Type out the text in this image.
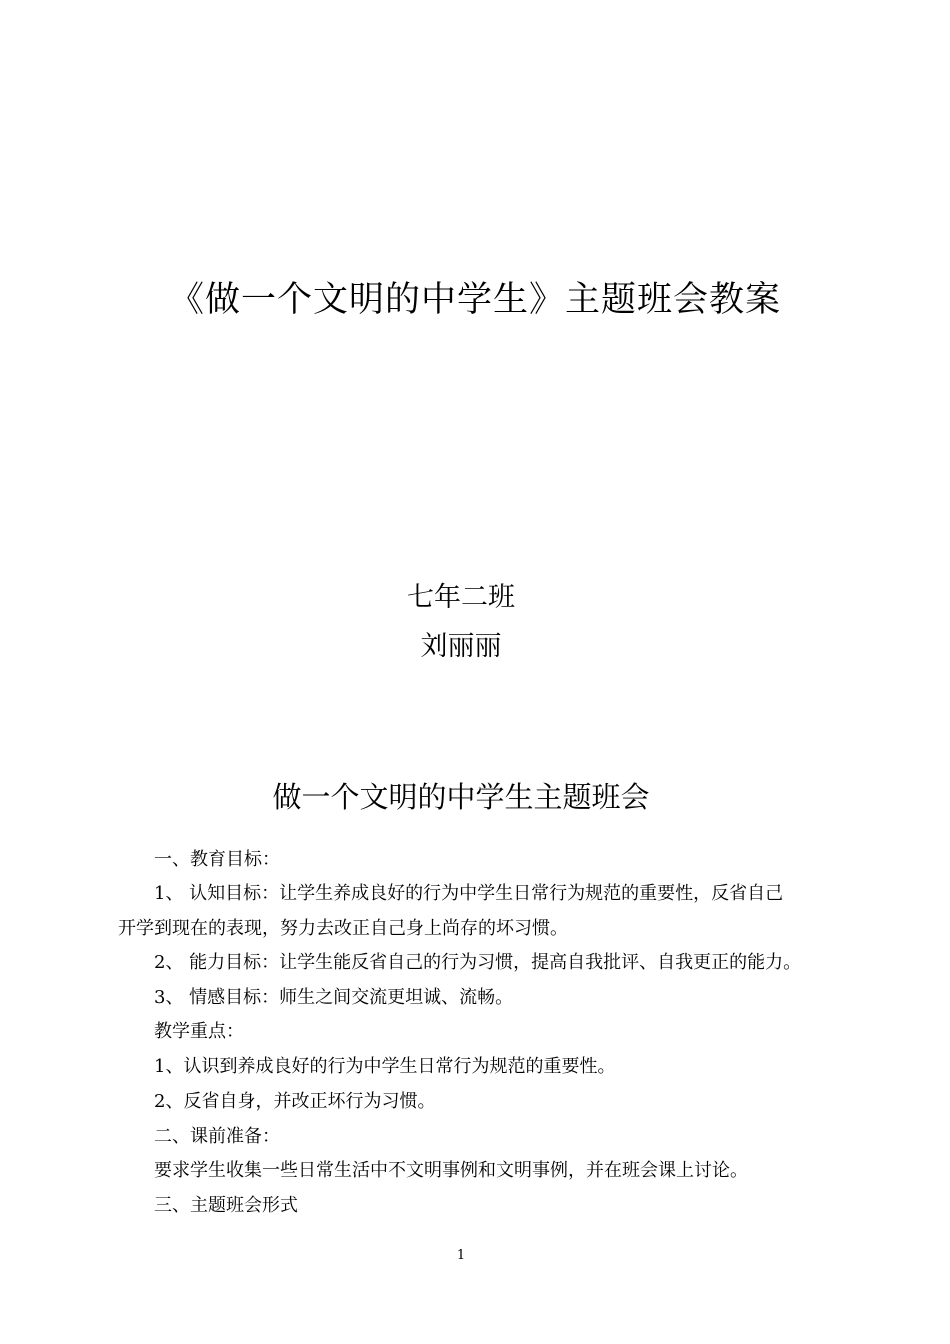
《做一个文明的中学生》主题班会教案
七年二班
刘丽丽
做一个文明的中学生主题班会
一、教育目标：
1、 认知目标：让学生养成良好的行为中学生日常行为规范的重要性，反省自己
开学到现在的表现，努力去改正自己身上尚存的坏习惯。
2、 能力目标：让学生能反省自己的行为习惯，提高自我批评、自我更正的能力。
3、 情感目标：师生之间交流更坦诚、流畅。
教学重点：
1、认识到养成良好的行为中学生日常行为规范的重要性。
2、反省自身，并改正坏行为习惯。
二、课前准备：
要求学生收集一些日常生活中不文明事例和文明事例，并在班会课上讨论。
三、主题班会形式
1
